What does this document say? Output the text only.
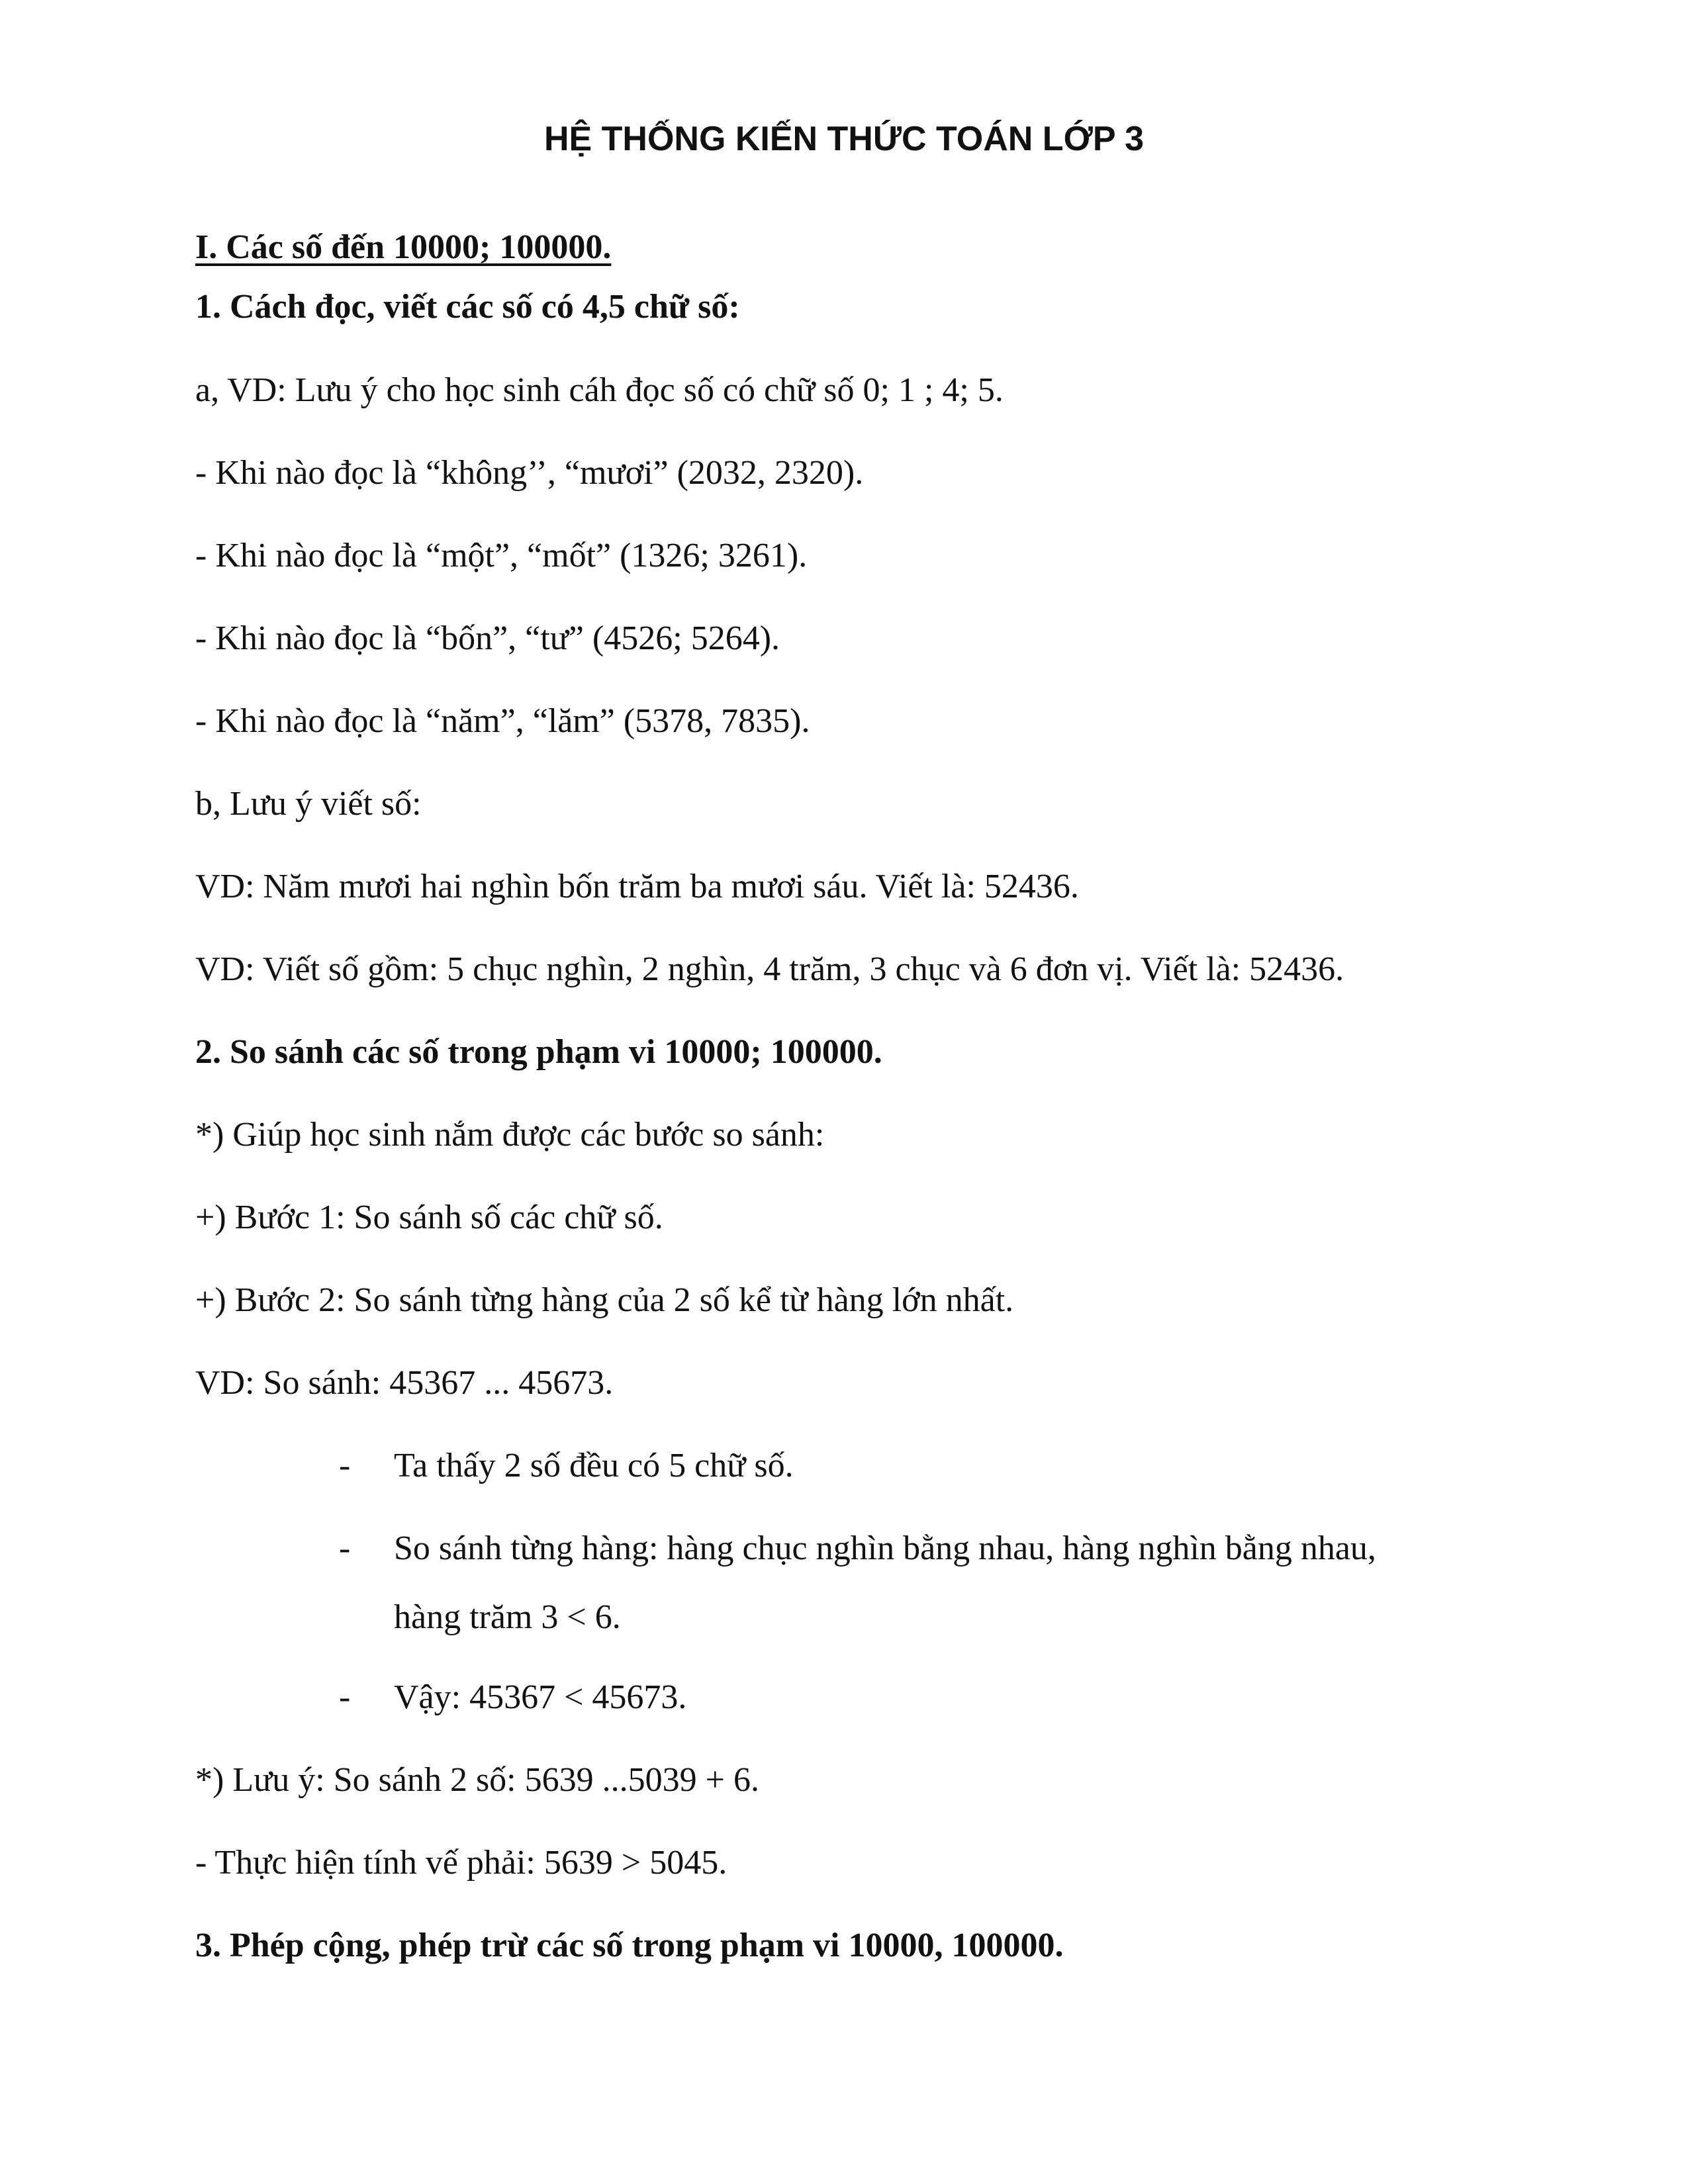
HỆ THỐNG KIẾN THỨC TOÁN LỚP 3
I. Các số đến 10000; 100000.
1. Cách đọc, viết các số có 4,5 chữ số:
a, VD: Lưu ý cho học sinh cáh đọc số có chữ số 0; 1 ; 4; 5.
- Khi nào đọc là “không’’, “mươi” (2032, 2320).
- Khi nào đọc là “một”, “mốt” (1326; 3261).
- Khi nào đọc là “bốn”, “tư” (4526; 5264).
- Khi nào đọc là “năm”, “lăm” (5378, 7835).
b, Lưu ý viết số:
VD: Năm mươi hai nghìn bốn trăm ba mươi sáu. Viết là: 52436.
VD: Viết số gồm: 5 chục nghìn, 2 nghìn, 4 trăm, 3 chục và 6 đơn vị. Viết là: 52436.
2. So sánh các số trong phạm vi 10000; 100000.
*) Giúp học sinh nắm được các bước so sánh:
+) Bước 1: So sánh số các chữ số.
+) Bước 2: So sánh từng hàng của 2 số kể từ hàng lớn nhất.
VD: So sánh: 45367 ... 45673.
- Ta thấy 2 số đều có 5 chữ số.
- So sánh từng hàng: hàng chục nghìn bằng nhau, hàng nghìn bằng nhau,
hàng trăm 3 < 6.
- Vậy: 45367 < 45673.
*) Lưu ý: So sánh 2 số: 5639 ...5039 + 6.
- Thực hiện tính vế phải: 5639 > 5045.
3. Phép cộng, phép trừ các số trong phạm vi 10000, 100000.
